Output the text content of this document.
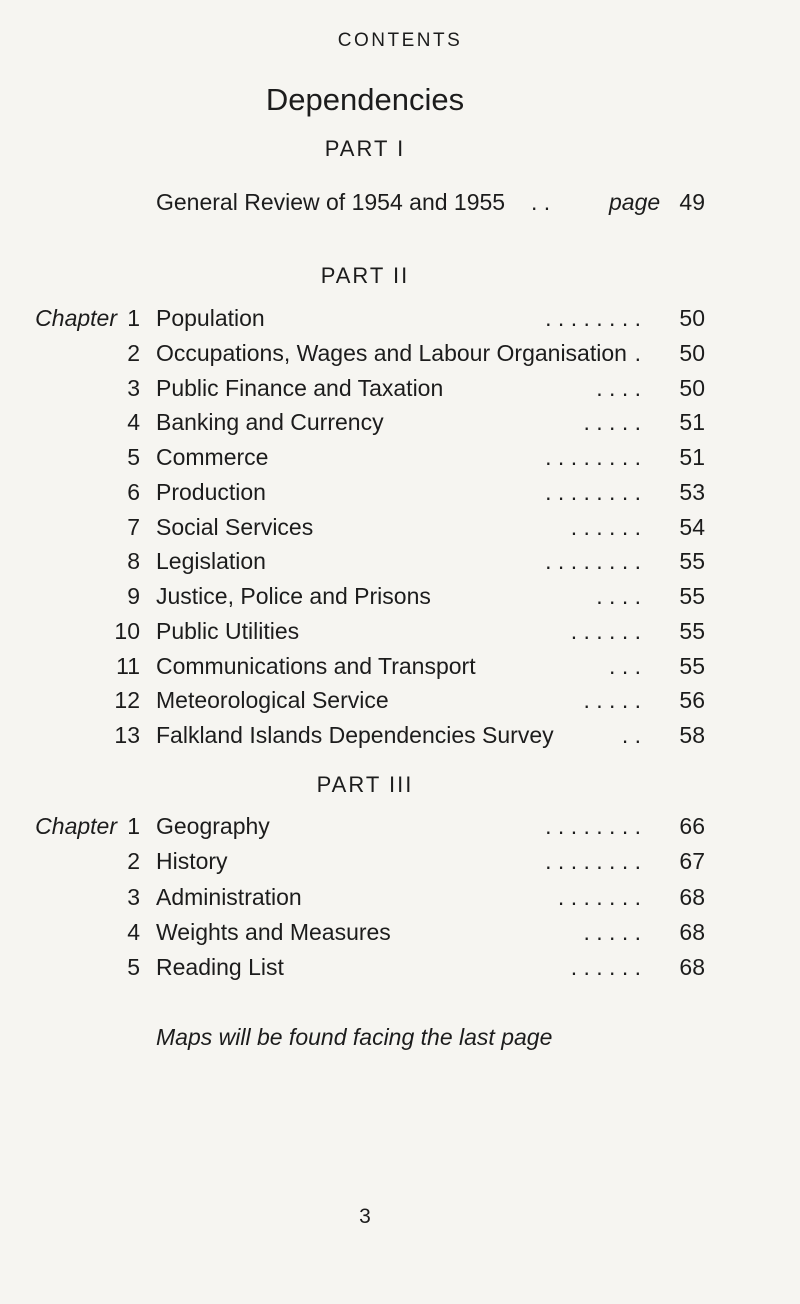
CONTENTS
Dependencies
PART I
General Review of 1954 and 1955 . .	page 49
PART II
Chapter 1 Population	. . . . . . . . 50
2 Occupations, Wages and Labour Organisation . 50
3 Public Finance and Taxation	. . . . 50
4 Banking and Currency	. . . . . 51
5 Commerce	. . . . . . . . 51
6 Production	. . . . . . . . 53
7 Social Services	. . . . . . 54
8 Legislation	. . . . . . . . 55
9 Justice, Police and Prisons	. . . . 55
10 Public Utilities	. . . . . . 55
11 Communications and Transport	. . . 55
12 Meteorological Service	. . . . . 56
13 Falkland Islands Dependencies Survey	. . 58
PART III
Chapter 1 Geography	. . . . . . . . 66
2 History	. . . . . . . . 67
3 Administration	. . . . . . . 68
4 Weights and Measures	. . . . . 68
5 Reading List	. . . . . . 68
Maps will be found facing the last page
3
